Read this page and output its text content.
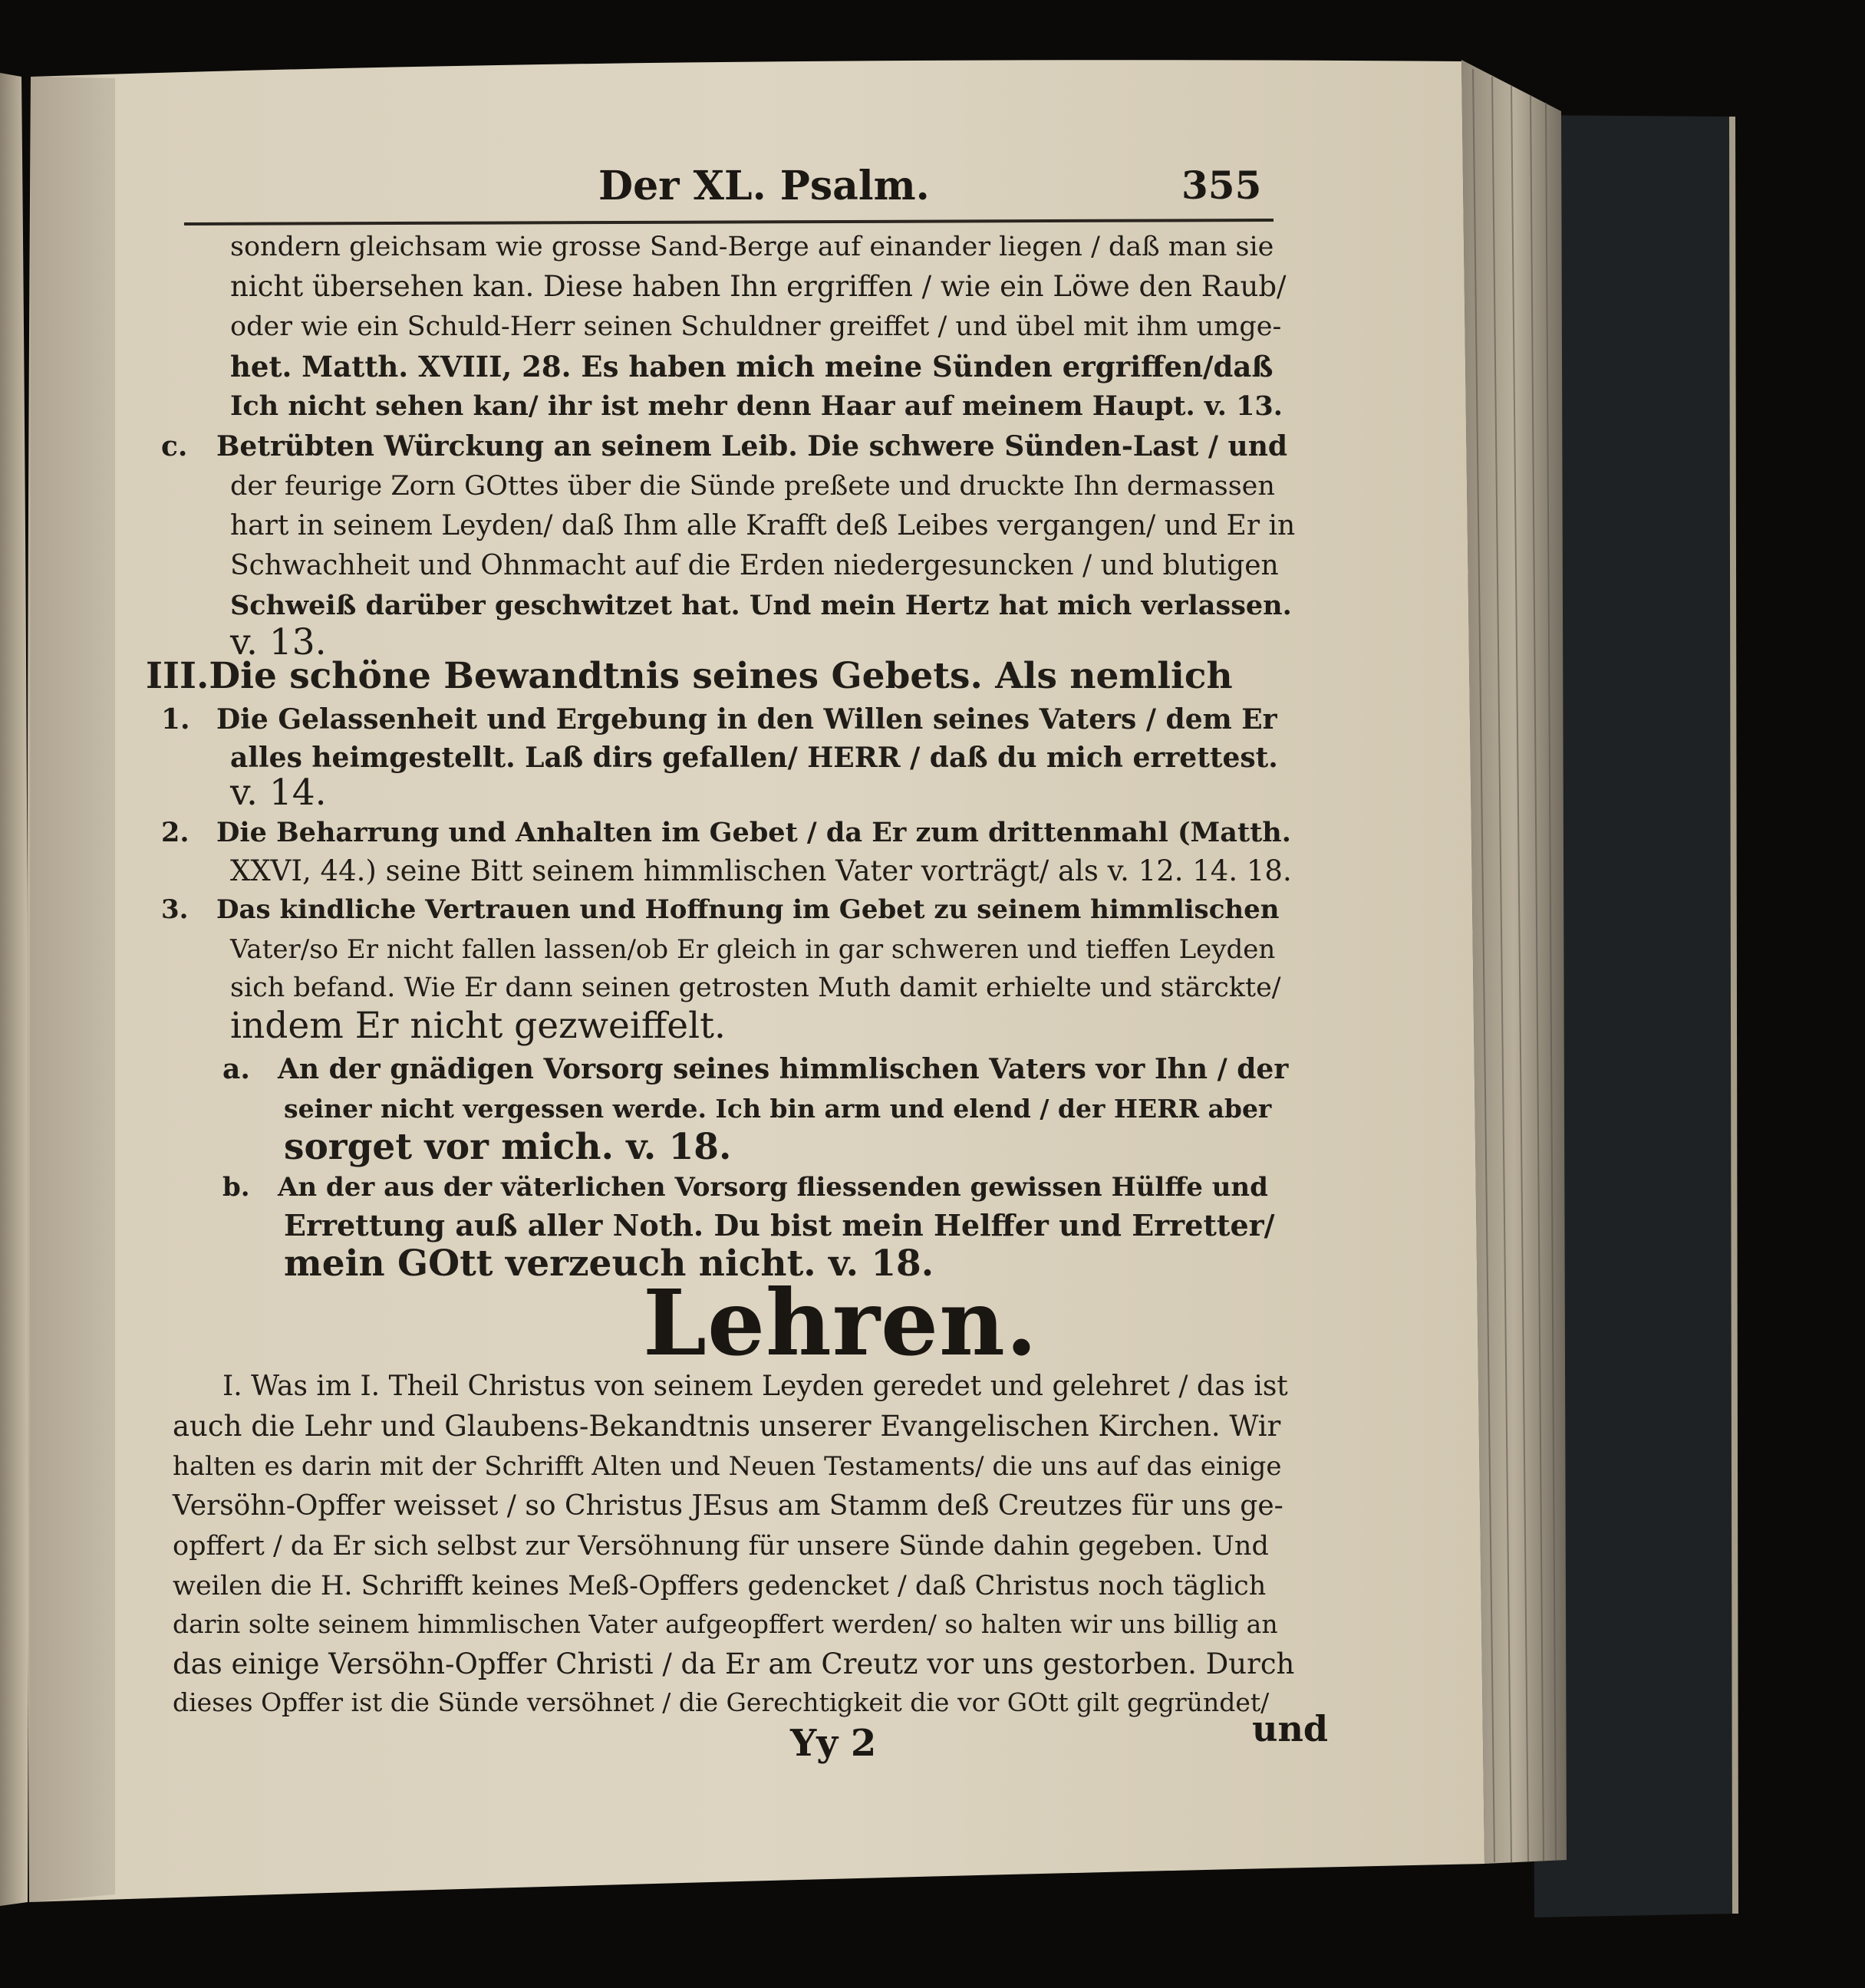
Der XL. Psalm.	355
sondern gleichsam wie grosse Sand-Berge auf einander liegen / daß man sie
nicht übersehen kan. Diese haben Ihn ergriffen / wie ein Löwe den Raub/
oder wie ein Schuld-Herr seinen Schuldner greiffet / und übel mit ihm umge-
het. Matth. XVIII, 28. Es haben mich meine Sünden ergriffen/daß
Ich nicht sehen kan/ ihr ist mehr denn Haar auf meinem Haupt. v. 13.
c. Betrübten Würckung an seinem Leib. Die schwere Sünden-Last / und
der feurige Zorn GOttes über die Sünde preßete und druckte Ihn dermassen
hart in seinem Leyden/ daß Ihm alle Krafft deß Leibes vergangen/ und Er in
Schwachheit und Ohnmacht auf die Erden niedergesuncken / und blutigen
Schweiß darüber geschwitzet hat. Und mein Hertz hat mich verlassen.
v. 13.
III.Die schöne Bewandtnis seines Gebets. Als nemlich
1. Die Gelassenheit und Ergebung in den Willen seines Vaters / dem Er
alles heimgestellt. Laß dirs gefallen/ HERR / daß du mich errettest.
v. 14.
2. Die Beharrung und Anhalten im Gebet / da Er zum drittenmahl (Matth.
XXVI, 44.) seine Bitt seinem himmlischen Vater vorträgt/ als v. 12. 14. 18.
3. Das kindliche Vertrauen und Hoffnung im Gebet zu seinem himmlischen
Vater/so Er nicht fallen lassen/ob Er gleich in gar schweren und tieffen Leyden
sich befand. Wie Er dann seinen getrosten Muth damit erhielte und stärckte/
indem Er nicht gezweiffelt.
a. An der gnädigen Vorsorg seines himmlischen Vaters vor Ihn / der
seiner nicht vergessen werde. Ich bin arm und elend / der HERR aber
sorget vor mich. v. 18.
b. An der aus der väterlichen Vorsorg fliessenden gewissen Hülffe und
Errettung auß aller Noth. Du bist mein Helffer und Erretter/
mein GOtt verzeuch nicht. v. 18.
Lehren.
I. Was im I. Theil Christus von seinem Leyden geredet und gelehret / das ist
auch die Lehr und Glaubens-Bekandtnis unserer Evangelischen Kirchen. Wir
halten es darin mit der Schrifft Alten und Neuen Testaments/ die uns auf das einige
Versöhn-Opffer weisset / so Christus JEsus am Stamm deß Creutzes für uns ge-
opffert / da Er sich selbst zur Versöhnung für unsere Sünde dahin gegeben. Und
weilen die H. Schrifft keines Meß-Opffers gedencket / daß Christus noch täglich
darin solte seinem himmlischen Vater aufgeopffert werden/ so halten wir uns billig an
das einige Versöhn-Opffer Christi / da Er am Creutz vor uns gestorben. Durch
dieses Opffer ist die Sünde versöhnet / die Gerechtigkeit die vor GOtt gilt gegründet/
Yy 2	und
